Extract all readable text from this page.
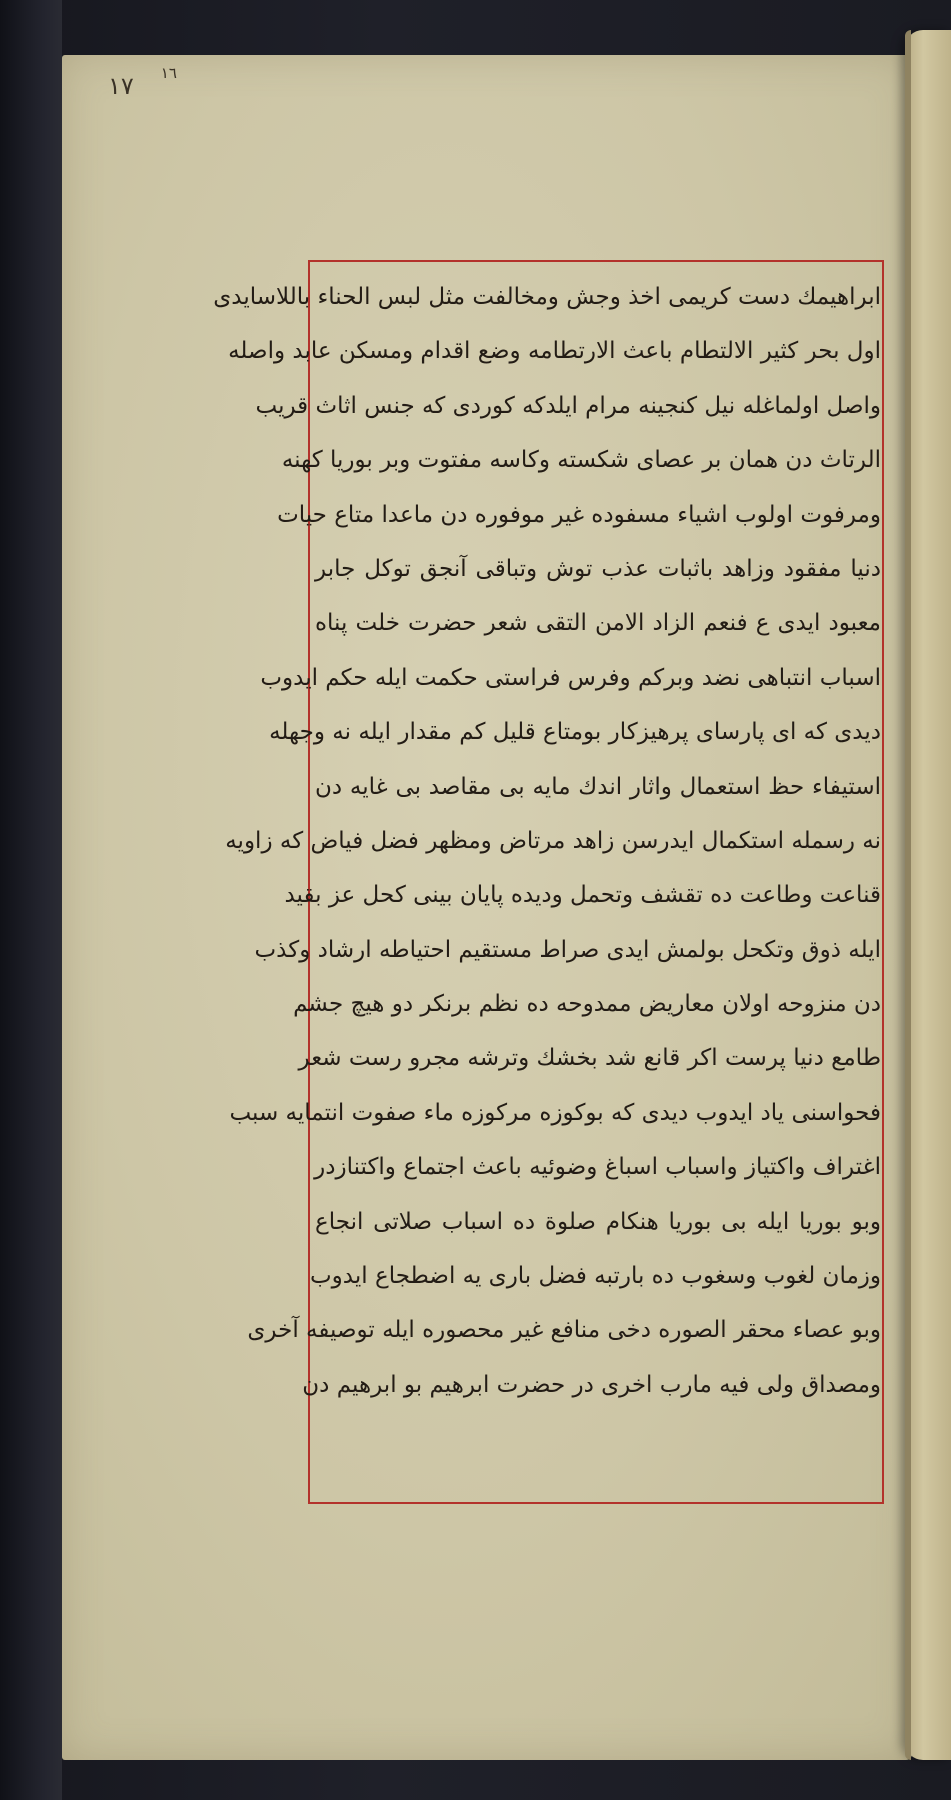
١٧ ١٦
ابراهيمك دست كريمى اخذ وجش ومخالفت مثل لبس الحناء باللاسايدى
اول بحر كثير الالتطام باعث الارتطامه وضع اقدام ومسكن عابد واصله
واصل اولماغله نيل كنجينه مرام ايلدكه كوردى كه جنس اثاث قريب
الرتاث دن همان بر عصاى شكسته وكاسه مفتوت وبر بوريا كهنه
ومرفوت اولوب اشياء مسفوده غير موفوره دن ماعدا متاع حيات
دنيا مفقود وزاهد باثبات عذب توش وتباقى آنجق توكل جابر
معبود ايدى ع فنعم الزاد الامن التقى شعر حضرت خلت پناه
اسباب انتباهى نضد وبركم وفرس فراستى حكمت ايله حكم ايدوب
ديدى كه اى پارساى پرهيزكار بومتاع قليل كم مقدار ايله نه وجهله
استيفاء حظ استعمال واثار اندك مايه بى مقاصد بى غايه دن
نه رسمله استكمال ايدرسن زاهد مرتاض ومظهر فضل فياض كه زاويه
قناعت وطاعت ده تقشف وتحمل وديده پايان بينى كحل عز بقيد
ايله ذوق وتكحل بولمش ايدى صراط مستقيم احتياطه ارشاد وكذب
دن منزوحه اولان معاريض ممدوحه ده نظم برنكر دو هيچ جشم
طامع دنيا پرست اكر قانع شد بخشك وترشه مجرو رست شعر
فحواسنى ياد ايدوب ديدى كه بوكوزه مركوزه ماء صفوت انتمايه سبب
اغتراف واكتياز واسباب اسباغ وضوئيه باعث اجتماع واكتنازدر
وبو بوريا ايله بى بوريا هنكام صلوة ده اسباب صلاتى انجاع
وزمان لغوب وسغوب ده بارتبه فضل بارى يه اضطجاع ايدوب
وبو عصاء محقر الصوره دخى منافع غير محصوره ايله توصيفه آخرى
ومصداق ولى فيه مارب اخرى در حضرت ابرهيم بو ابرهيم دن
